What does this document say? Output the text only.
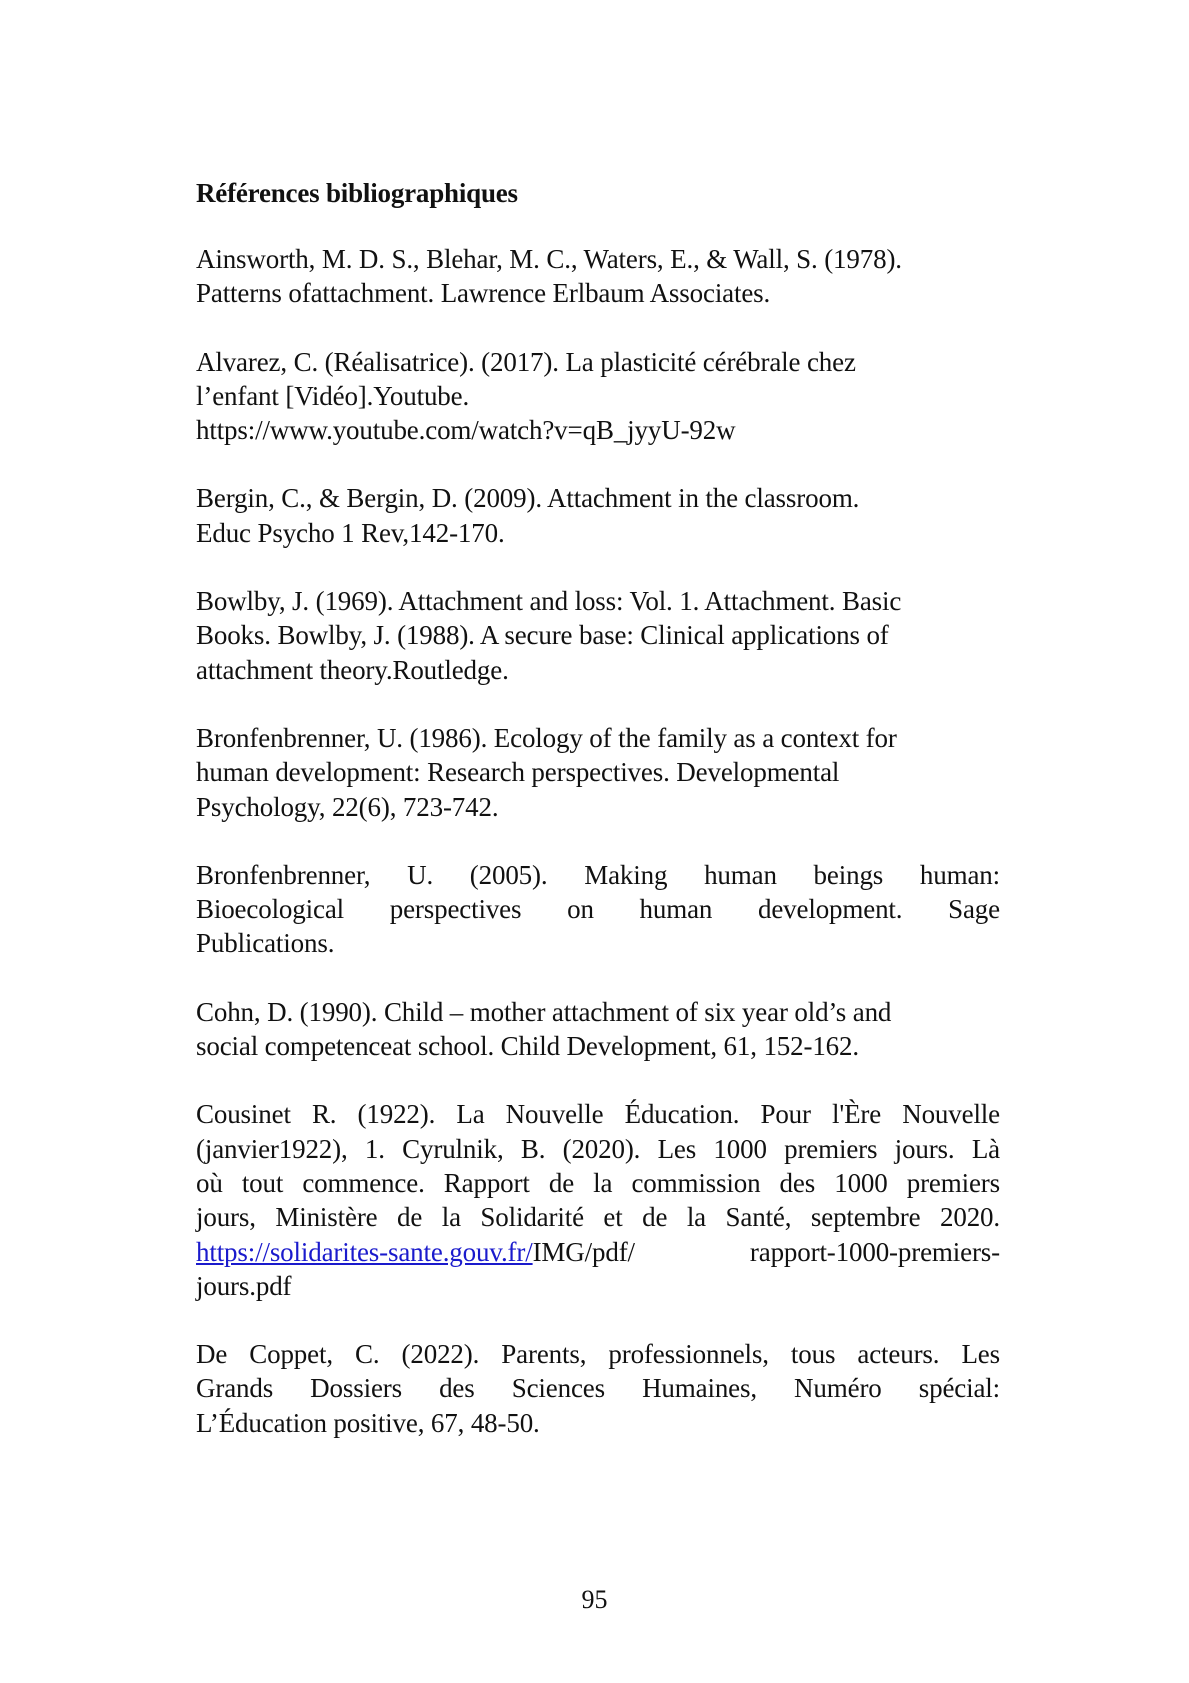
Références bibliographiques
Ainsworth, M. D. S., Blehar, M. C., Waters, E., & Wall, S. (1978).
Patterns ofattachment. Lawrence Erlbaum Associates.
Alvarez, C. (Réalisatrice). (2017). La plasticité cérébrale chez
l’enfant [Vidéo].Youtube.
https://www.youtube.com/watch?v=qB_jyyU-92w
Bergin, C., & Bergin, D. (2009). Attachment in the classroom.
Educ Psycho 1 Rev,142-170.
Bowlby, J. (1969). Attachment and loss: Vol. 1. Attachment. Basic
Books. Bowlby, J. (1988). A secure base: Clinical applications of
attachment theory.Routledge.
Bronfenbrenner, U. (1986). Ecology of the family as a context for
human development: Research perspectives. Developmental
Psychology, 22(6), 723-742.
Bronfenbrenner, U. (2005). Making human beings human:
Bioecological perspectives on human development. Sage
Publications.
Cohn, D. (1990). Child – mother attachment of six year old’s and
social competenceat school. Child Development, 61, 152-162.
Cousinet R. (1922). La Nouvelle Éducation. Pour l'Ère Nouvelle
(janvier1922), 1. Cyrulnik, B. (2020). Les 1000 premiers jours. Là
où tout commence. Rapport de la commission des 1000 premiers
jours, Ministère de la Solidarité et de la Santé, septembre 2020.
https://solidarites-sante.gouv.fr/IMG/pdf/	rapport-1000-premiers-
jours.pdf
De Coppet, C. (2022). Parents, professionnels, tous acteurs. Les
Grands Dossiers des Sciences Humaines, Numéro spécial:
L’Éducation positive, 67, 48-50.
95
